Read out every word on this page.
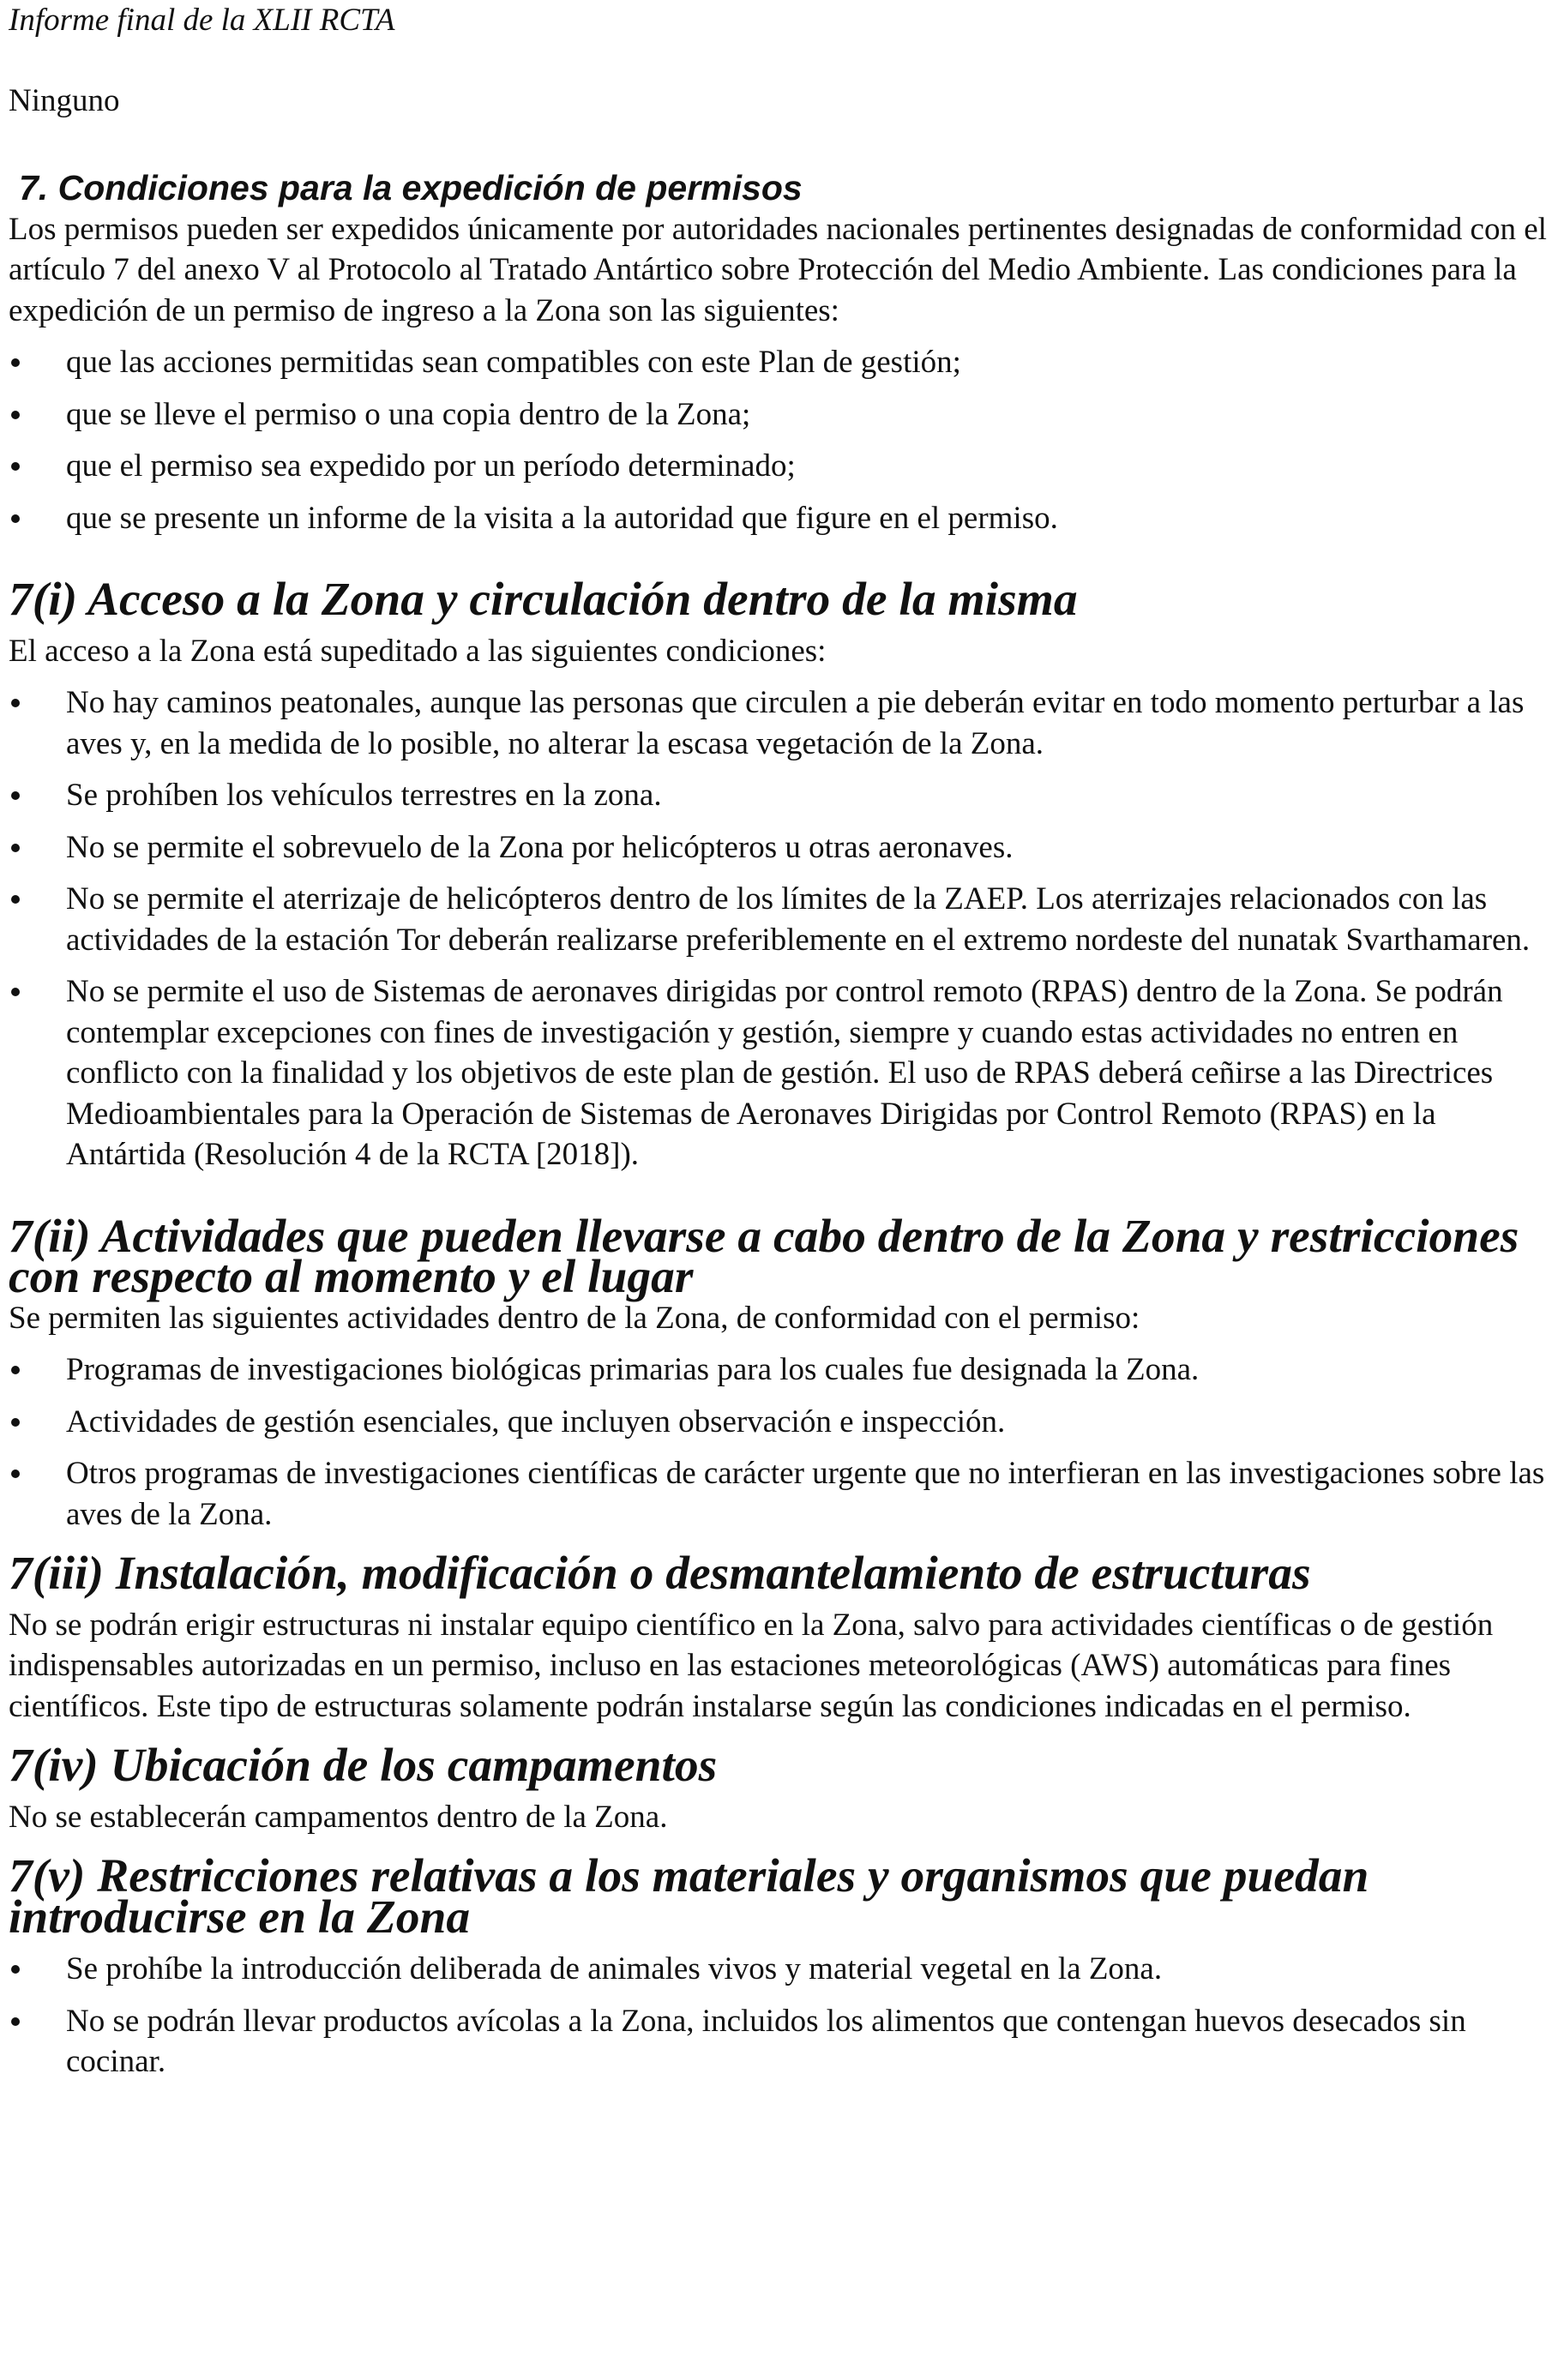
Informe final de la XLII RCTA

Ninguno

7. Condiciones para la expedición de permisos

Los permisos pueden ser expedidos únicamente por autoridades nacionales pertinentes designadas de conformidad con el artículo 7 del anexo V al Protocolo al Tratado Antártico sobre Protección del Medio Ambiente. Las condiciones para la expedición de un permiso de ingreso a la Zona son las siguientes:

que las acciones permitidas sean compatibles con este Plan de gestión;
que se lleve el permiso o una copia dentro de la Zona;
que el permiso sea expedido por un período determinado;
que se presente un informe de la visita a la autoridad que figure en el permiso.
7(i) Acceso a la Zona y circulación dentro de la misma

El acceso a la Zona está supeditado a las siguientes condiciones:

No hay caminos peatonales, aunque las personas que circulen a pie deberán evitar en todo momento perturbar a las aves y, en la medida de lo posible, no alterar la escasa vegetación de la Zona.
Se prohíben los vehículos terrestres en la zona.
No se permite el sobrevuelo de la Zona por helicópteros u otras aeronaves.
No se permite el aterrizaje de helicópteros dentro de los límites de la ZAEP. Los aterrizajes relacionados con las actividades de la estación Tor deberán realizarse preferiblemente en el extremo nordeste del nunatak Svarthamaren.
No se permite el uso de Sistemas de aeronaves dirigidas por control remoto (RPAS) dentro de la Zona. Se podrán contemplar excepciones con fines de investigación y gestión, siempre y cuando estas actividades no entren en conflicto con la finalidad y los objetivos de este plan de gestión. El uso de RPAS deberá ceñirse a las Directrices Medioambientales para la Operación de Sistemas de Aeronaves Dirigidas por Control Remoto (RPAS) en la Antártida (Resolución 4 de la RCTA [2018]).
7(ii) Actividades que pueden llevarse a cabo dentro de la Zona y restricciones con respecto al momento y el lugar

Se permiten las siguientes actividades dentro de la Zona, de conformidad con el permiso:

Programas de investigaciones biológicas primarias para los cuales fue designada la Zona.
Actividades de gestión esenciales, que incluyen observación e inspección.
Otros programas de investigaciones científicas de carácter urgente que no interfieran en las investigaciones sobre las aves de la Zona.
7(iii) Instalación, modificación o desmantelamiento de estructuras

No se podrán erigir estructuras ni instalar equipo científico en la Zona, salvo para actividades científicas o de gestión indispensables autorizadas en un permiso, incluso en las estaciones meteorológicas (AWS) automáticas para fines científicos. Este tipo de estructuras solamente podrán instalarse según las condiciones indicadas en el permiso.

7(iv) Ubicación de los campamentos

No se establecerán campamentos dentro de la Zona.

7(v) Restricciones relativas a los materiales y organismos que puedan introducirse en la Zona
Se prohíbe la introducción deliberada de animales vivos y material vegetal en la Zona.
No se podrán llevar productos avícolas a la Zona, incluidos los alimentos que contengan huevos desecados sin cocinar.
